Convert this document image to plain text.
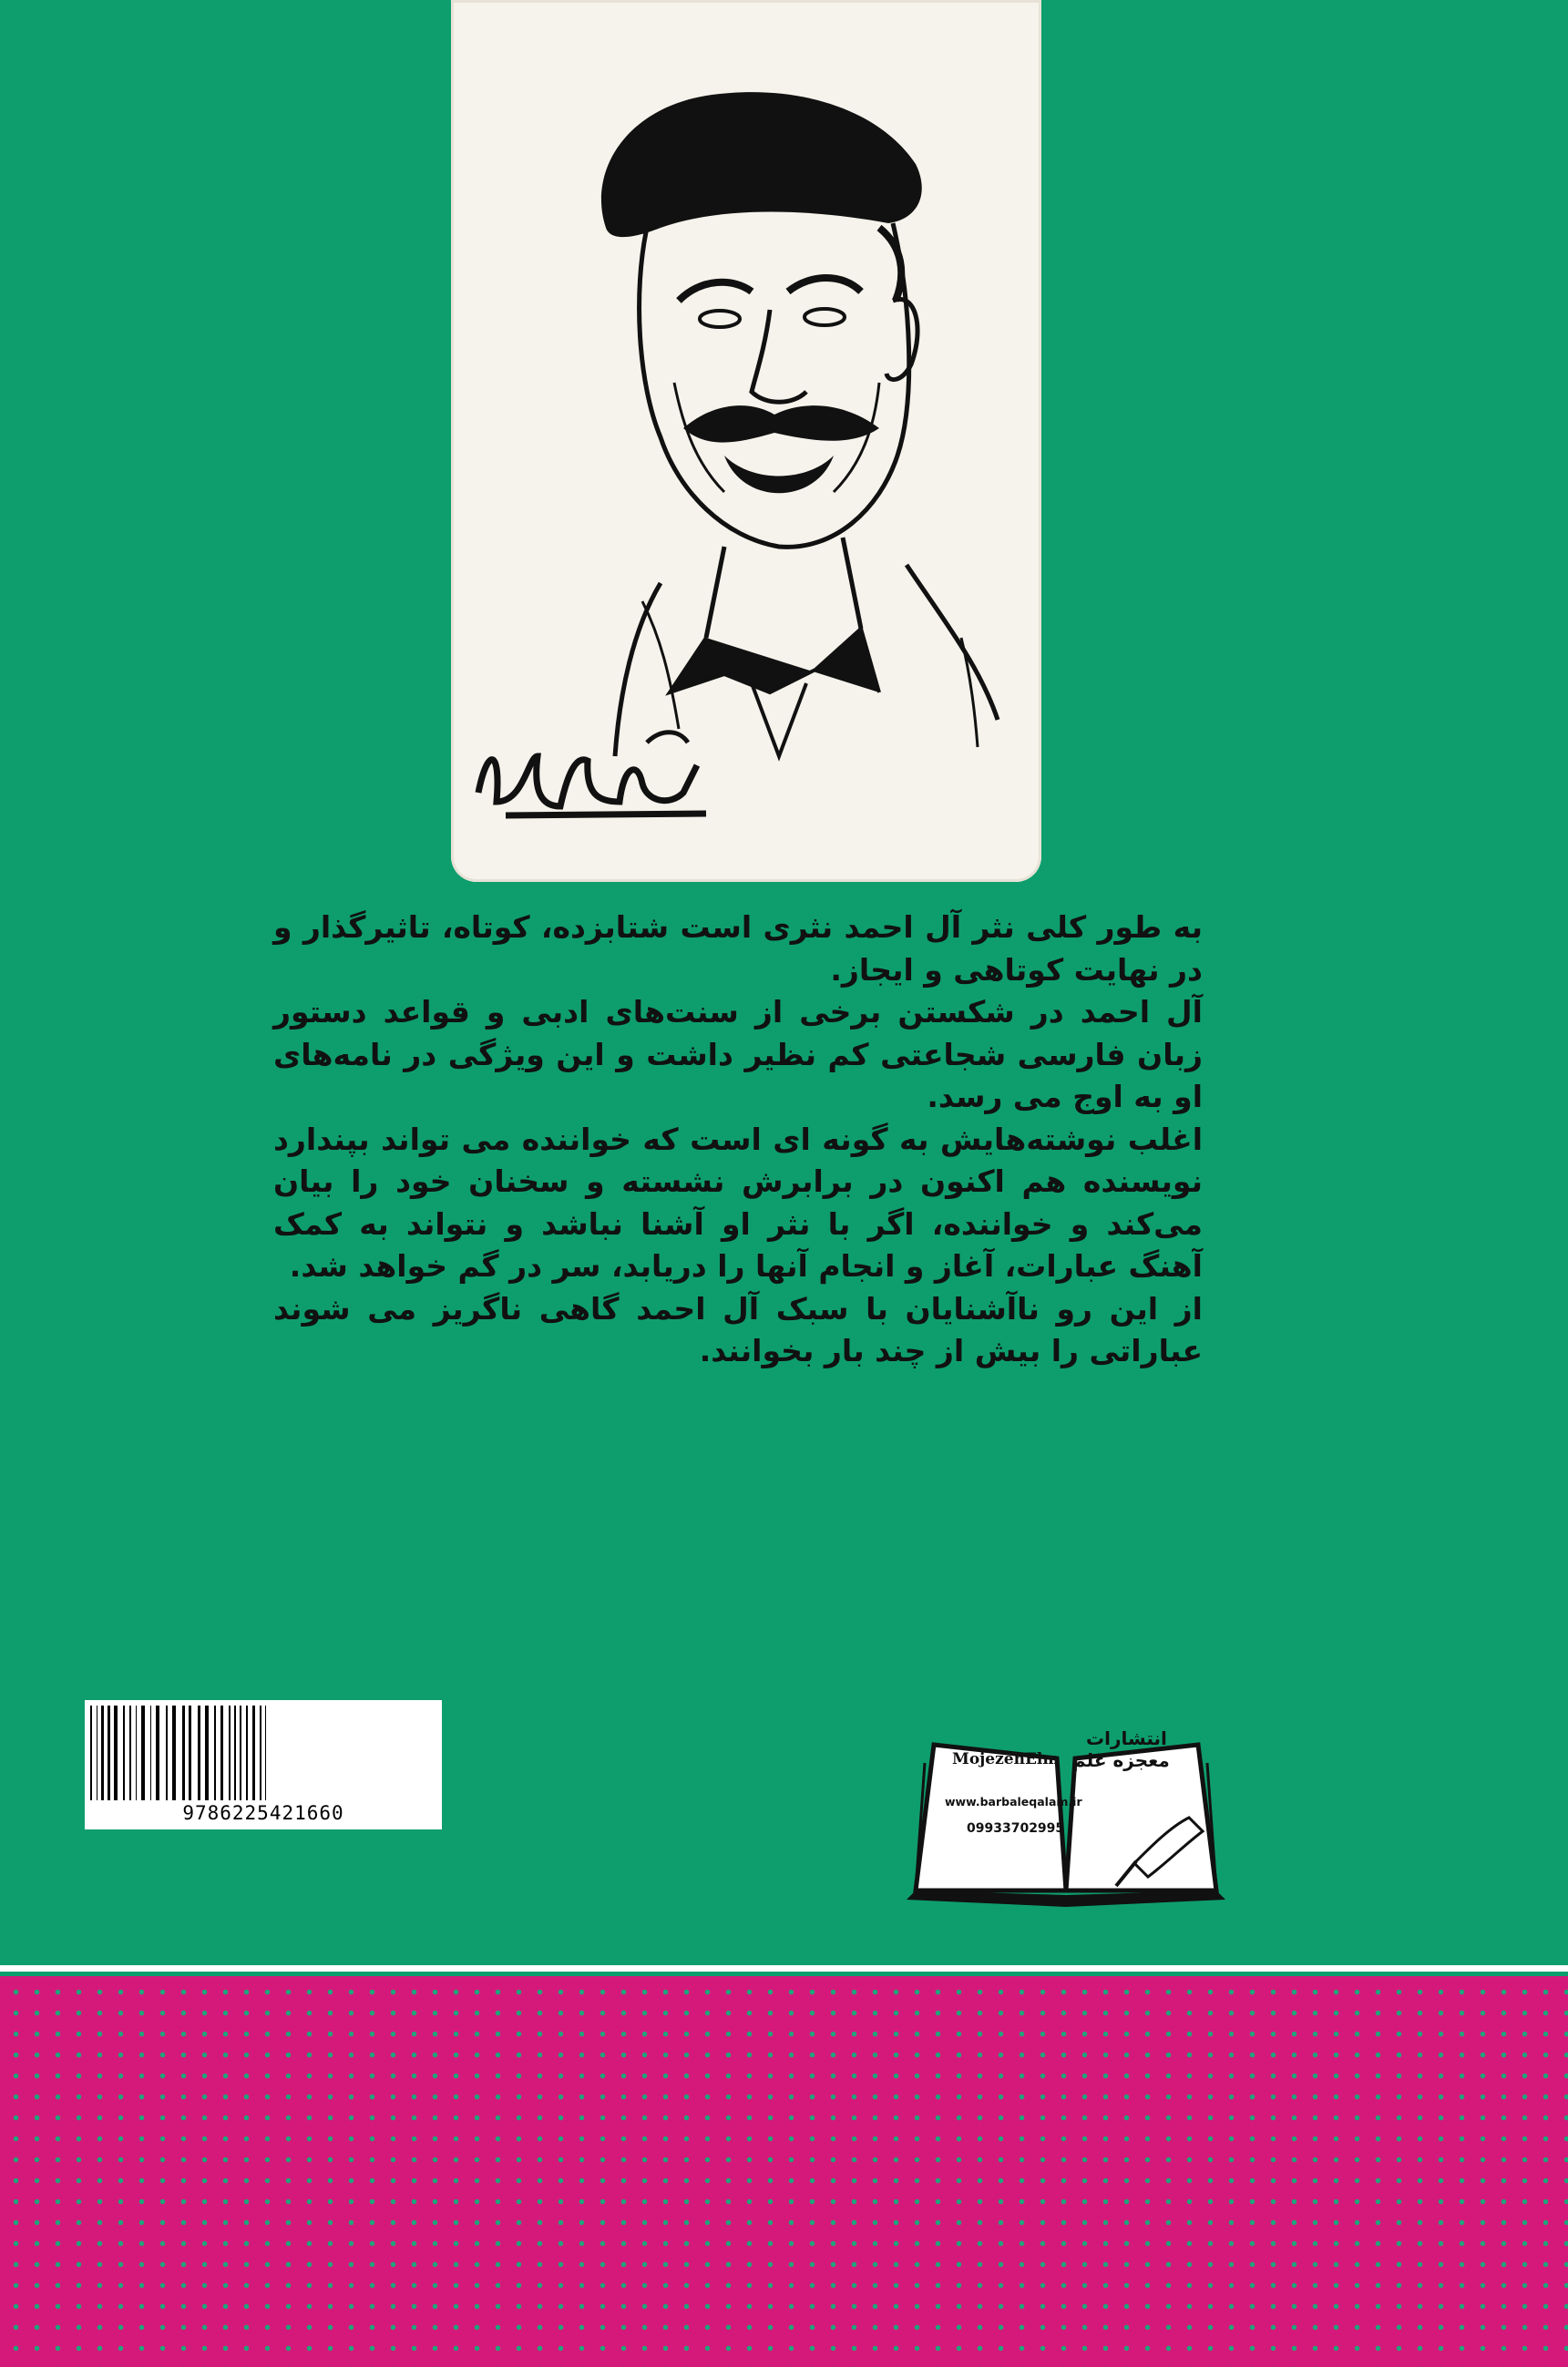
به طور کلی نثر آل احمد نثری است شتابزده، کوتاه، تاثیرگذار و در نهایت کوتاهی و ایجاز.

آل احمد در شکستن برخی از سنت‌های ادبی و قواعد دستور زبان فارسی شجاعتی کم نظیر داشت و این ویژگی در نامه‌های او به اوج می رسد.

اغلب نوشته‌هایش به گونه ای است که خواننده می تواند بپندارد نویسنده هم اکنون در برابرش نشسته و سخنان خود را بیان می‌کند و خواننده، اگر با نثر او آشنا نباشد و نتواند به کمک آهنگ عبارات، آغاز و انجام آنها را دریابد، سر در گم خواهد شد.

از این رو ناآشنایان با سبک آل احمد گاهی ناگریز می شوند عباراتی را بیش از چند بار بخوانند.

9786225421660
انتشارات
معجزه علم
MojezehElm
www.barbaleqalam.ir
09933702995
